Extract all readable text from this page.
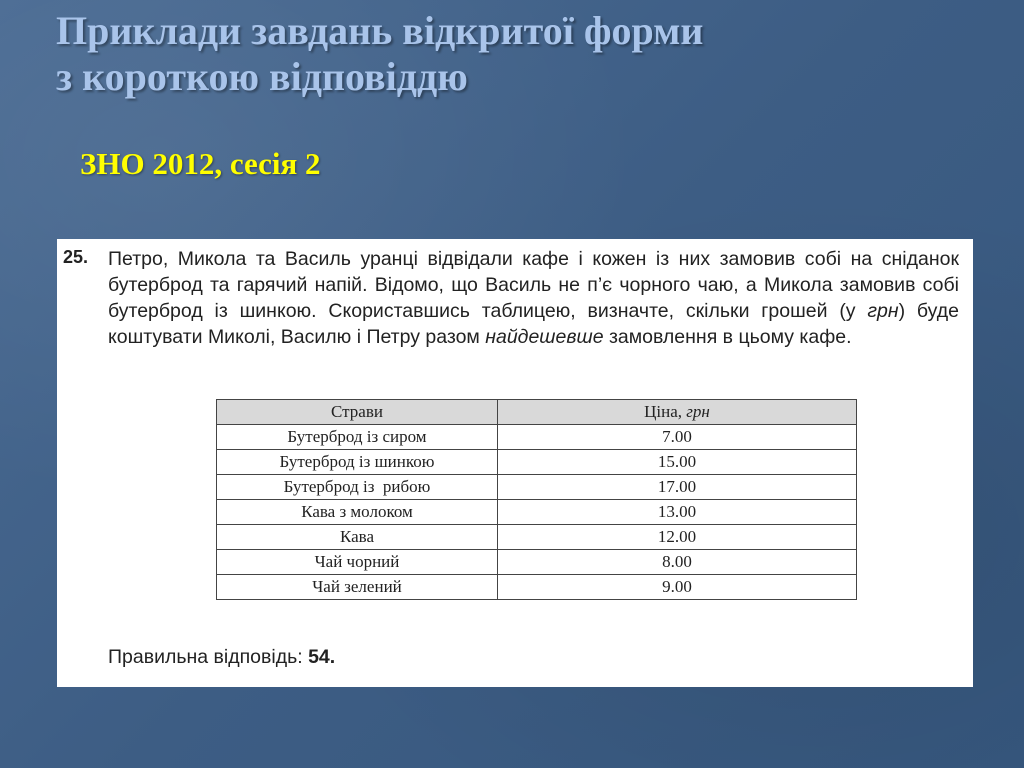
Приклади завдань відкритої форми
з короткою відповіддю

ЗНО 2012, сесія 2

25. Петро, Микола та Василь уранці відвідали кафе і кожен із них замовив собі на сніданок бутерброд та гарячий напій. Відомо, що Василь не п’є чорного чаю, а Микола замовив собі бутерброд із шинкою. Скориставшись таблицею, визначте, скільки грошей (у грн) буде коштувати Миколі, Василю і Петру разом найдешевше замовлення в цьому кафе.

Страви	Ціна, грн
Бутерброд із сиром	7.00
Бутерброд із шинкою	15.00
Бутерброд із  рибою	17.00
Кава з молоком	13.00
Кава	12.00
Чай чорний	8.00
Чай зелений	9.00

Правильна відповідь: 54.
